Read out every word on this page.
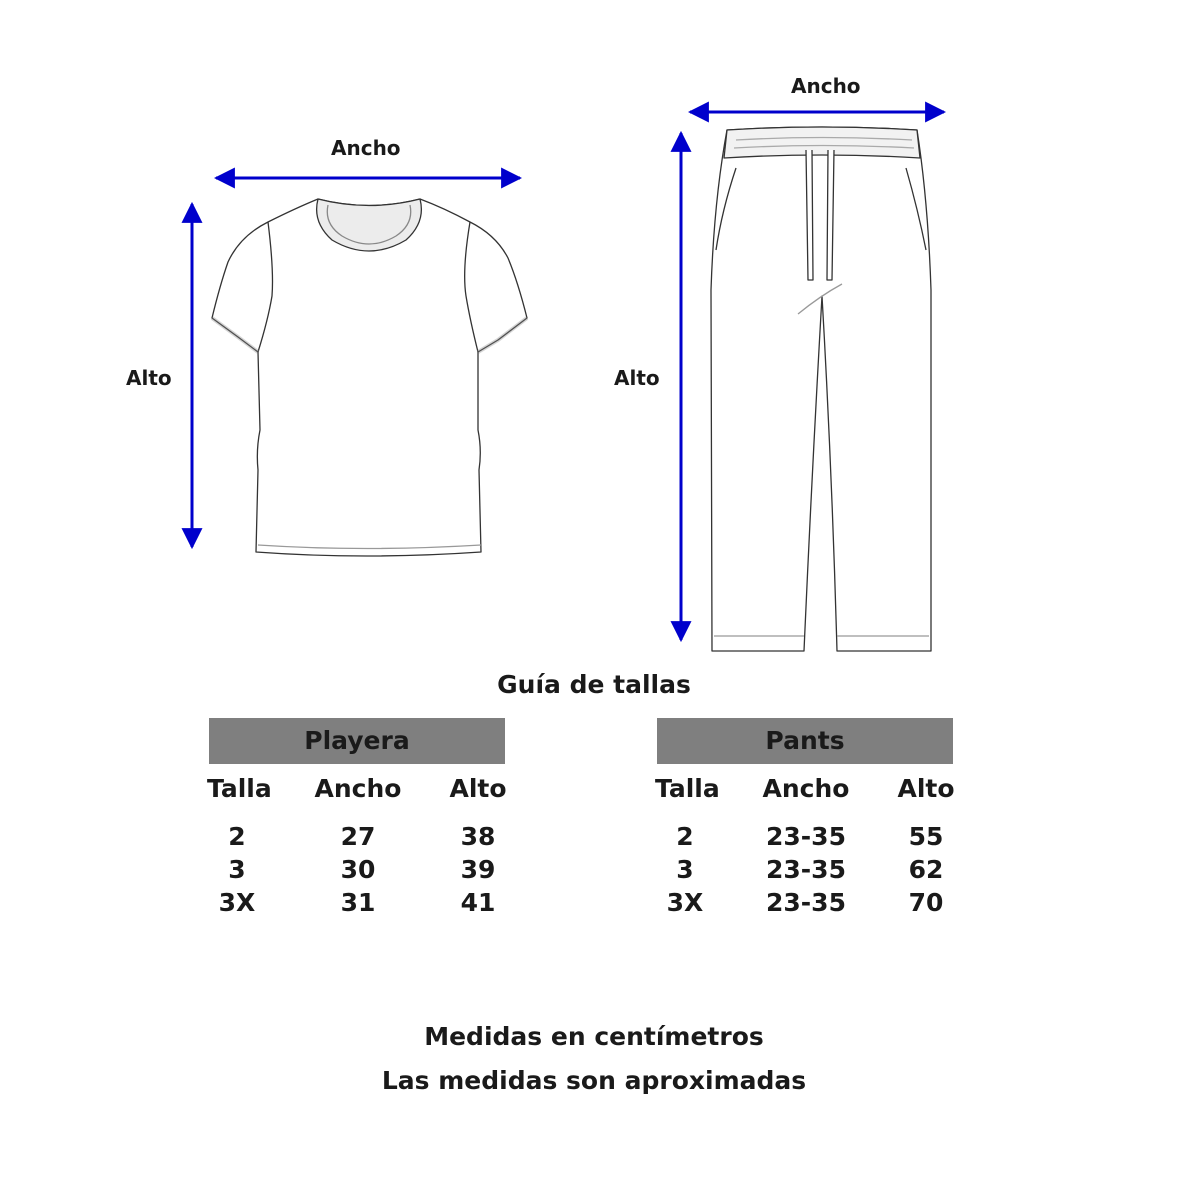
Ancho
Alto
Ancho
Alto
Guía de tallas
Playera
Talla	Ancho	Alto
2	27	38
3	30	39
3X	31	41
Pants
Talla	Ancho	Alto
2	23-35	55
3	23-35	62
3X	23-35	70
Medidas en centímetros
Las medidas son aproximadas
